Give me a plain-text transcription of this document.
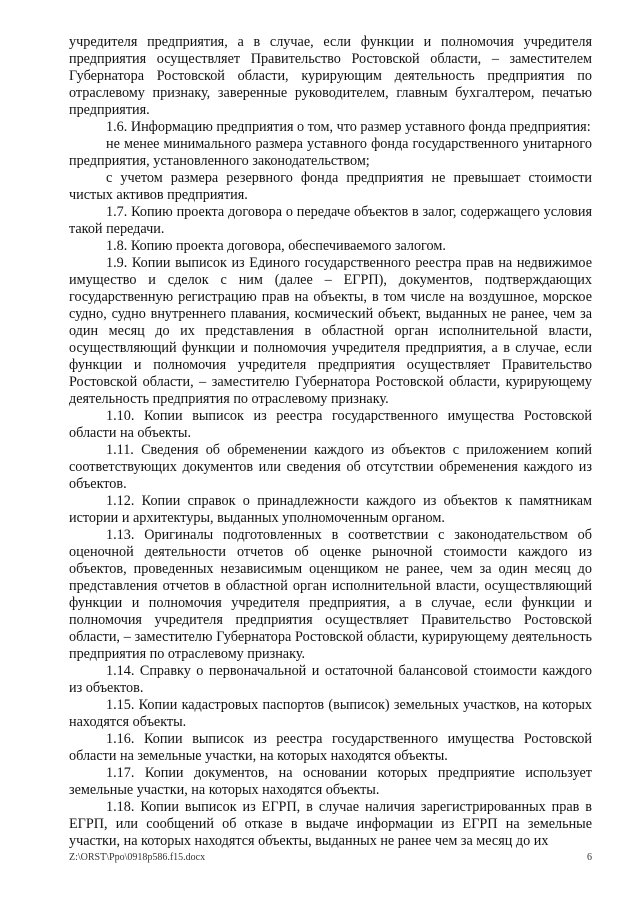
учредителя предприятия, а в случае, если функции и полномочия учредителя предприятия осуществляет Правительство Ростовской области, – заместителем Губернатора Ростовской области, курирующим деятельность предприятия по отраслевому признаку, заверенные руководителем, главным бухгалтером, печатью предприятия.

1.6. Информацию предприятия о том, что размер уставного фонда предприятия:

не менее минимального размера уставного фонда государственного унитарного предприятия, установленного законодательством;

с учетом размера резервного фонда предприятия не превышает стоимости чистых активов предприятия.

1.7. Копию проекта договора о передаче объектов в залог, содержащего условия такой передачи.

1.8. Копию проекта договора, обеспечиваемого залогом.

1.9. Копии выписок из Единого государственного реестра прав на недвижимое имущество и сделок с ним (далее – ЕГРП), документов, подтверждающих государственную регистрацию прав на объекты, в том числе на воздушное, морское судно, судно внутреннего плавания, космический объект, выданных не ранее, чем за один месяц до их представления в областной орган исполнительной власти, осуществляющий функции и полномочия учредителя предприятия, а в случае, если функции и полномочия учредителя предприятия осуществляет Правительство Ростовской области, – заместителю Губернатора Ростовской области, курирующему деятельность предприятия по отраслевому признаку.

1.10. Копии выписок из реестра государственного имущества Ростовской области на объекты.

1.11. Сведения об обременении каждого из объектов с приложением копий соответствующих документов или сведения об отсутствии обременения каждого из объектов.

1.12. Копии справок о принадлежности каждого из объектов к памятникам истории и архитектуры, выданных уполномоченным органом.

1.13. Оригиналы подготовленных в соответствии с законодательством об оценочной деятельности отчетов об оценке рыночной стоимости каждого из объектов, проведенных независимым оценщиком не ранее, чем за один месяц до представления отчетов в областной орган исполнительной власти, осуществляющий функции и полномочия учредителя предприятия, а в случае, если функции и полномочия учредителя предприятия осуществляет Правительство Ростовской области, – заместителю Губернатора Ростовской области, курирующему деятельность предприятия по отраслевому признаку.

1.14. Справку о первоначальной и остаточной балансовой стоимости каждого из объектов.

1.15. Копии кадастровых паспортов (выписок) земельных участков, на которых находятся объекты.

1.16. Копии выписок из реестра государственного имущества Ростовской области на земельные участки, на которых находятся объекты.

1.17. Копии документов, на основании которых предприятие использует земельные участки, на которых находятся объекты.

1.18. Копии выписок из ЕГРП, в случае наличия зарегистрированных прав в ЕГРП, или сообщений об отказе в выдаче информации из ЕГРП на земельные участки, на которых находятся объекты, выданных не ранее чем за месяц до их

Z:\ORST\Ppo\0918p586.f15.docx	6
